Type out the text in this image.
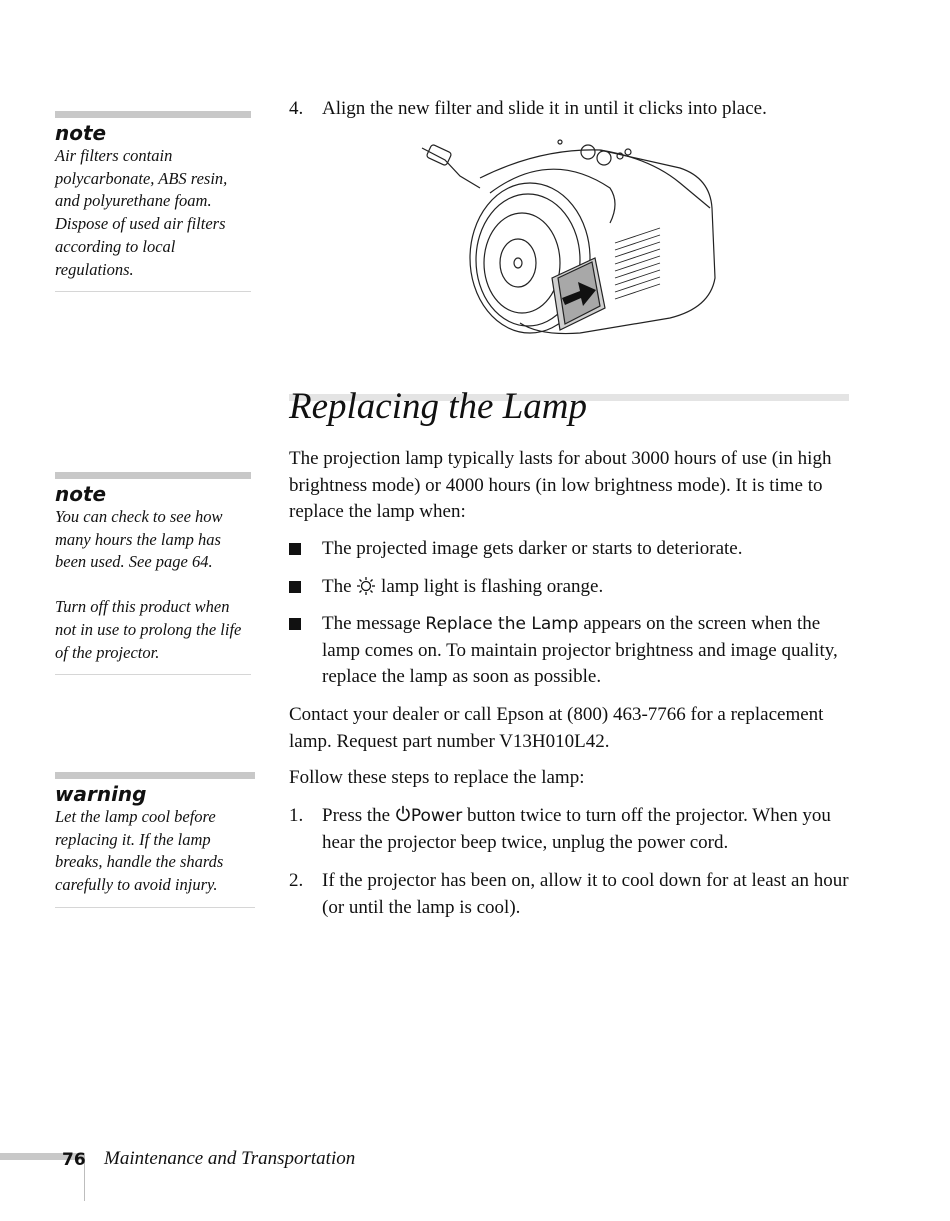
note

Air filters contain polycarbonate, ABS resin, and polyurethane foam. Dispose of used air filters according to local regulations.

note

You can check to see how many hours the lamp has been used. See page 64.

Turn off this product when not in use to prolong the life of the projector.

warning

Let the lamp cool before replacing it. If the lamp breaks, handle the shards carefully to avoid injury.

4. Align the new filter and slide it in until it clicks into place.
Replacing the Lamp

The projection lamp typically lasts for about 3000 hours of use (in high brightness mode) or 4000 hours (in low brightness mode). It is time to replace the lamp when:

The projected image gets darker or starts to deteriorate.
The lamp light is flashing orange.
The message Replace the Lamp appears on the screen when the lamp comes on. To maintain projector brightness and image quality, replace the lamp as soon as possible.

Contact your dealer or call Epson at (800) 463-7766 for a replacement lamp. Request part number V13H010L42.

Follow these steps to replace the lamp:

1. Press the Power button twice to turn off the projector. When you hear the projector beep twice, unplug the power cord.
2. If the projector has been on, allow it to cool down for at least an hour (or until the lamp is cool).
76 Maintenance and Transportation
